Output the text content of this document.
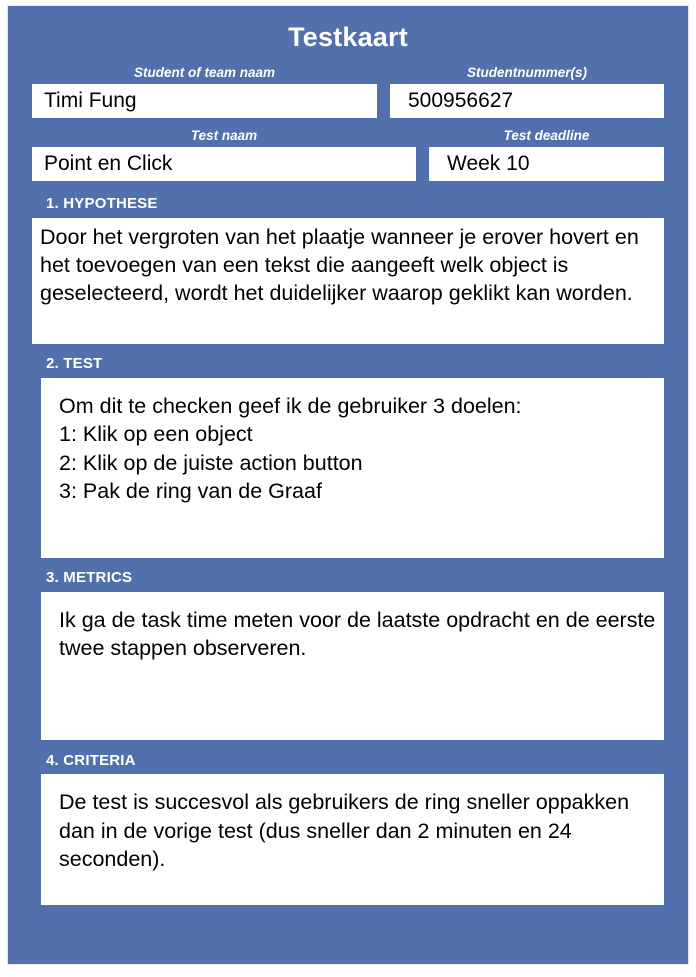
Testkaart
Student of team naam
Timi Fung
Studentnummer(s)
500956627
Test naam
Point en Click
Test deadline
Week 10
1. HYPOTHESE

Door het vergroten van het plaatje wanneer je erover hovert en het toevoegen van een tekst die aangeeft welk object is geselecteerd, wordt het duidelijker waarop geklikt kan worden.

2. TEST

Om dit te checken geef ik de gebruiker 3 doelen:

1: Klik op een object

2: Klik op de juiste action button

3: Pak de ring van de Graaf

3. METRICS

Ik ga de task time meten voor de laatste opdracht en de eerste twee stappen observeren.

4. CRITERIA

De test is succesvol als gebruikers de ring sneller oppakken dan in de vorige test (dus sneller dan 2 minuten en 24 seconden).
